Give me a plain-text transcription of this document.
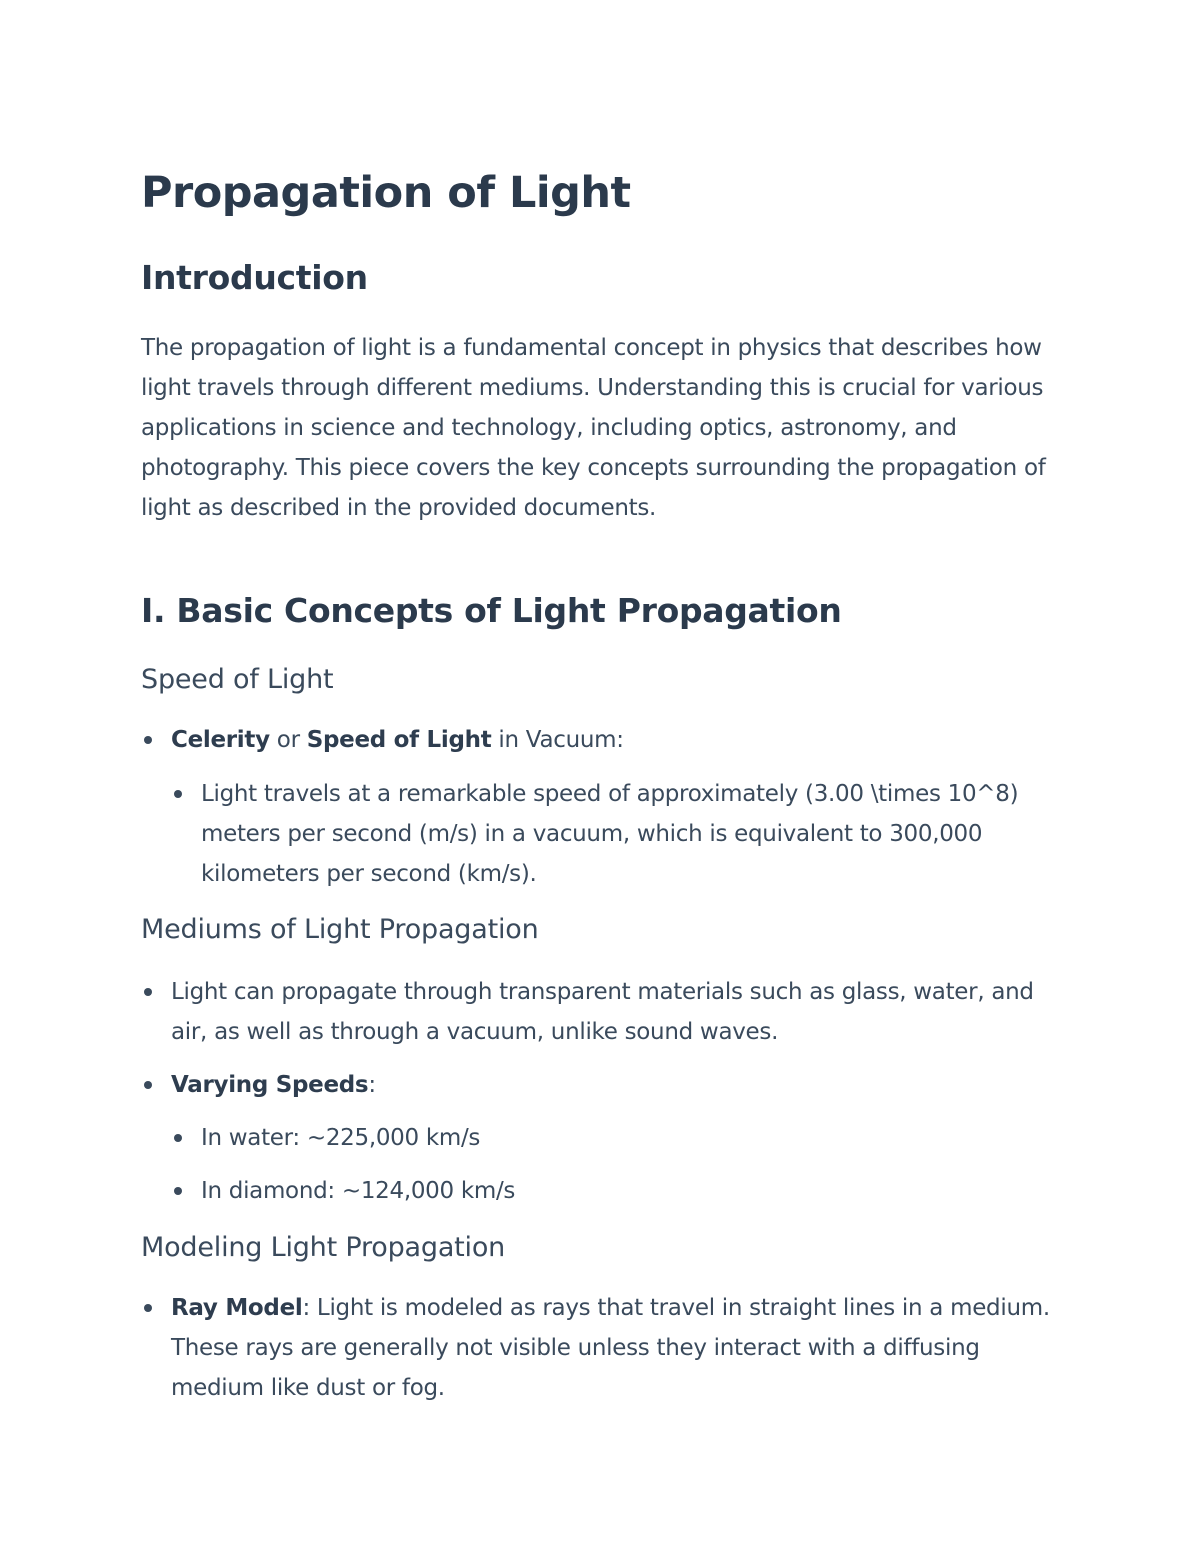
Propagation of Light
Introduction

The propagation of light is a fundamental concept in physics that describes how light travels through different mediums. Understanding this is crucial for various applications in science and technology, including optics, astronomy, and photography. This piece covers the key concepts surrounding the propagation of light as described in the provided documents.

I. Basic Concepts of Light Propagation
Speed of Light

Celerity or Speed of Light in Vacuum:

Light travels at a remarkable speed of approximately (3.00 \times 10^8) meters per second (m/s) in a vacuum, which is equivalent to 300,000 kilometers per second (km/s).

Mediums of Light Propagation

Light can propagate through transparent materials such as glass, water, and air, as well as through a vacuum, unlike sound waves.

Varying Speeds:

In water: ~225,000 km/s

In diamond: ~124,000 km/s

Modeling Light Propagation

Ray Model: Light is modeled as rays that travel in straight lines in a medium. These rays are generally not visible unless they interact with a diffusing medium like dust or fog.
